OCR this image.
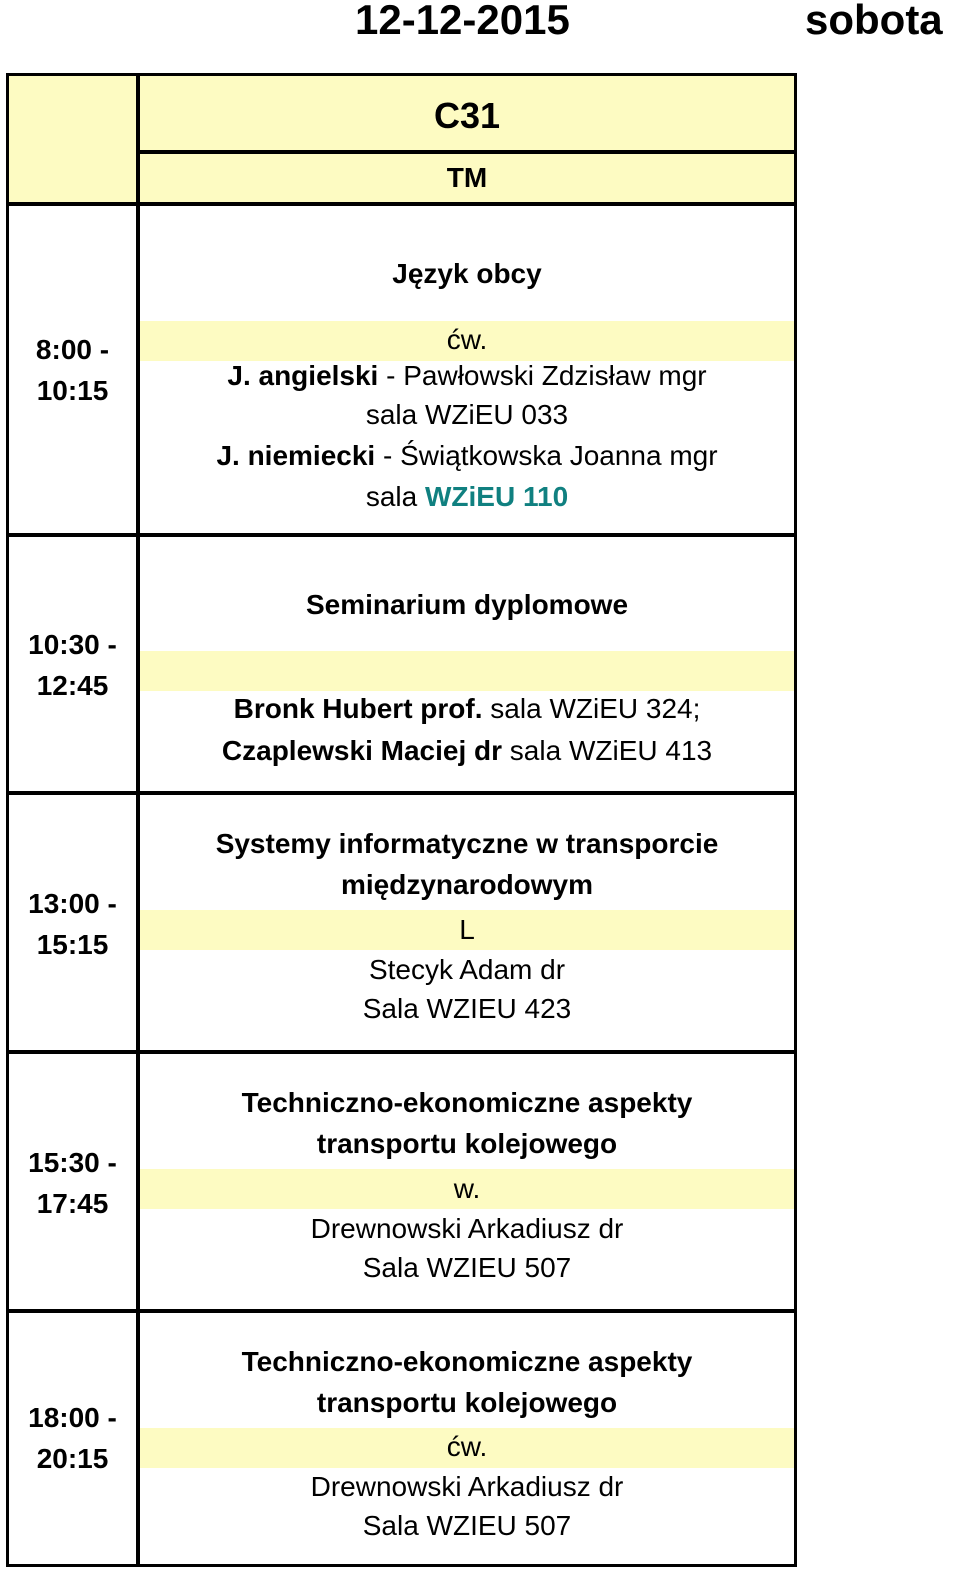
12-12-2015	sobota
C31
TM
8:00 -
10:15
Język obcy
ćw.
J. angielski - Pawłowski Zdzisław mgr
sala WZiEU 033
J. niemiecki - Świątkowska Joanna mgr
sala WZiEU 110
10:30 -
12:45
Seminarium dyplomowe
Bronk Hubert prof. sala WZiEU 324;
Czaplewski Maciej dr sala WZiEU 413
13:00 -
15:15
Systemy informatyczne w transporcie
międzynarodowym
L
Stecyk Adam dr
Sala WZIEU 423
15:30 -
17:45
Techniczno-ekonomiczne aspekty
transportu kolejowego
w.
Drewnowski Arkadiusz dr
Sala WZIEU 507
18:00 -
20:15
Techniczno-ekonomiczne aspekty
transportu kolejowego
ćw.
Drewnowski Arkadiusz dr
Sala WZIEU 507
